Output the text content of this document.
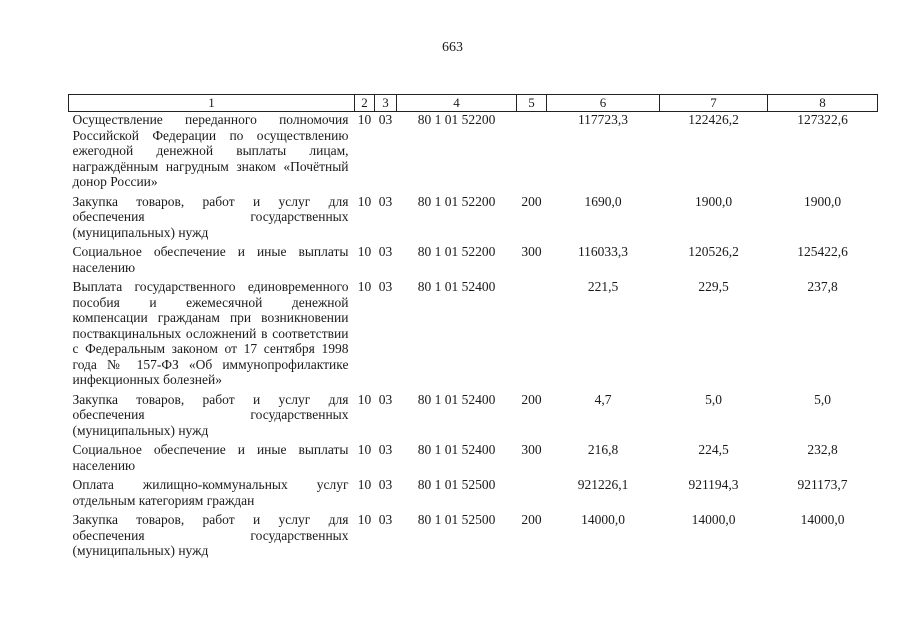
663
1	2	3	4	5	6	7	8
Осуществление переданного полномочия Российской Федерации по осуществлению ежегодной денежной выплаты лицам, награждённым нагрудным знаком «Почётный донор России»	10	03	80 1 01 52200		117723,3	122426,2	127322,6
Закупка товаров, работ и услуг для обеспечения государственных (муниципальных) нужд	10	03	80 1 01 52200	200	1690,0	1900,0	1900,0
Социальное обеспечение и иные выплаты населению	10	03	80 1 01 52200	300	116033,3	120526,2	125422,6
Выплата государственного единовременного пособия и ежемесячной денежной компенсации гражданам при возникновении поствакцинальных осложнений в соответствии с Федеральным законом от 17 сентября 1998 года № 157-ФЗ «Об иммунопрофилактике инфекционных болезней»	10	03	80 1 01 52400		221,5	229,5	237,8
Закупка товаров, работ и услуг для обеспечения государственных (муниципальных) нужд	10	03	80 1 01 52400	200	4,7	5,0	5,0
Социальное обеспечение и иные выплаты населению	10	03	80 1 01 52400	300	216,8	224,5	232,8
Оплата жилищно-коммунальных услуг отдельным категориям граждан	10	03	80 1 01 52500		921226,1	921194,3	921173,7
Закупка товаров, работ и услуг для обеспечения государственных (муниципальных) нужд	10	03	80 1 01 52500	200	14000,0	14000,0	14000,0
